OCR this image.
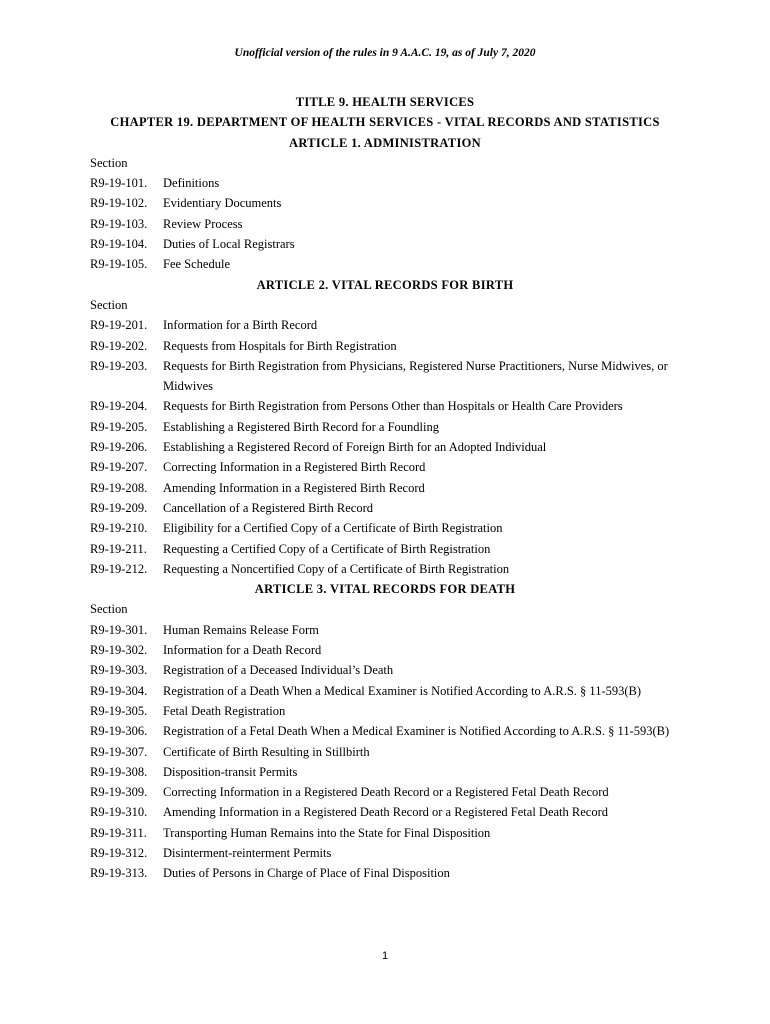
Unofficial version of the rules in 9 A.A.C. 19, as of July 7, 2020
TITLE 9. HEALTH SERVICES
CHAPTER 19. DEPARTMENT OF HEALTH SERVICES - VITAL RECORDS AND STATISTICS
ARTICLE 1. ADMINISTRATION
Section
R9-19-101.	Definitions
R9-19-102.	Evidentiary Documents
R9-19-103.	Review Process
R9-19-104.	Duties of Local Registrars
R9-19-105.	Fee Schedule
ARTICLE 2. VITAL RECORDS FOR BIRTH
Section
R9-19-201.	Information for a Birth Record
R9-19-202.	Requests from Hospitals for Birth Registration
R9-19-203.	Requests for Birth Registration from Physicians, Registered Nurse Practitioners, Nurse Midwives, or Midwives
R9-19-204.	Requests for Birth Registration from Persons Other than Hospitals or Health Care Providers
R9-19-205.	Establishing a Registered Birth Record for a Foundling
R9-19-206.	Establishing a Registered Record of Foreign Birth for an Adopted Individual
R9-19-207.	Correcting Information in a Registered Birth Record
R9-19-208.	Amending Information in a Registered Birth Record
R9-19-209.	Cancellation of a Registered Birth Record
R9-19-210.	Eligibility for a Certified Copy of a Certificate of Birth Registration
R9-19-211.	Requesting a Certified Copy of a Certificate of Birth Registration
R9-19-212.	Requesting a Noncertified Copy of a Certificate of Birth Registration
ARTICLE 3. VITAL RECORDS FOR DEATH
Section
R9-19-301.	Human Remains Release Form
R9-19-302.	Information for a Death Record
R9-19-303.	Registration of a Deceased Individual’s Death
R9-19-304.	Registration of a Death When a Medical Examiner is Notified According to A.R.S. § 11-593(B)
R9-19-305.	Fetal Death Registration
R9-19-306.	Registration of a Fetal Death When a Medical Examiner is Notified According to A.R.S. § 11-593(B)
R9-19-307.	Certificate of Birth Resulting in Stillbirth
R9-19-308.	Disposition-transit Permits
R9-19-309.	Correcting Information in a Registered Death Record or a Registered Fetal Death Record
R9-19-310.	Amending Information in a Registered Death Record or a Registered Fetal Death Record
R9-19-311.	Transporting Human Remains into the State for Final Disposition
R9-19-312.	Disinterment-reinterment Permits
R9-19-313.	Duties of Persons in Charge of Place of Final Disposition
1
